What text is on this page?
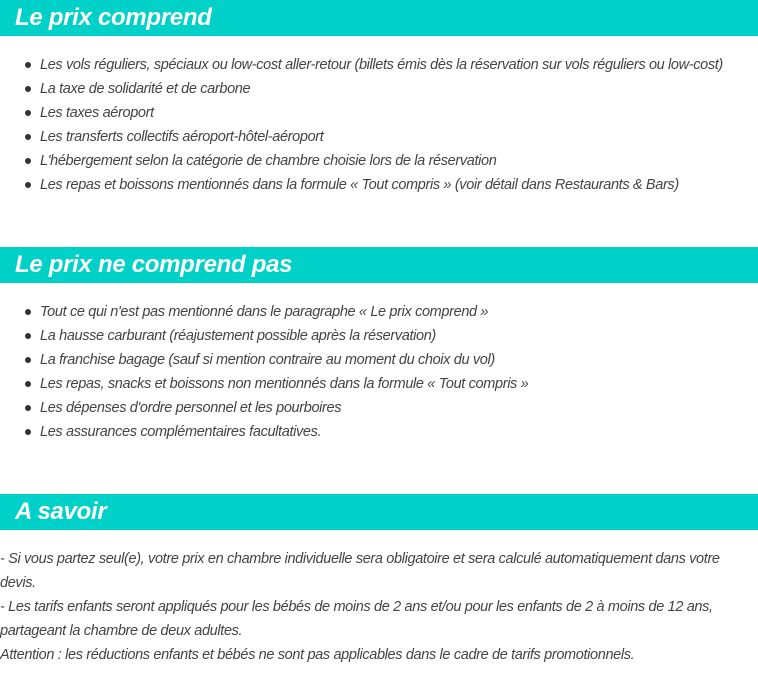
Le prix comprend
Les vols réguliers, spéciaux ou low-cost aller-retour (billets émis dès la réservation sur vols réguliers ou low-cost)
La taxe de solidarité et de carbone
Les taxes aéroport
Les transferts collectifs aéroport-hôtel-aéroport
L'hébergement selon la catégorie de chambre choisie lors de la réservation
Les repas et boissons mentionnés dans la formule « Tout compris » (voir détail dans Restaurants & Bars)
Le prix ne comprend pas
Tout ce qui n'est pas mentionné dans le paragraphe « Le prix comprend »
La hausse carburant (réajustement possible après la réservation)
La franchise bagage (sauf si mention contraire au moment du choix du vol)
Les repas, snacks et boissons non mentionnés dans la formule « Tout compris »
Les dépenses d'ordre personnel et les pourboires
Les assurances complémentaires facultatives.
A savoir

- Si vous partez seul(e), votre prix en chambre individuelle sera obligatoire et sera calculé automatiquement dans votre devis.

- Les tarifs enfants seront appliqués pour les bébés de moins de 2 ans et/ou pour les enfants de 2 à moins de 12 ans, partageant la chambre de deux adultes.

Attention : les réductions enfants et bébés ne sont pas applicables dans le cadre de tarifs promotionnels.
